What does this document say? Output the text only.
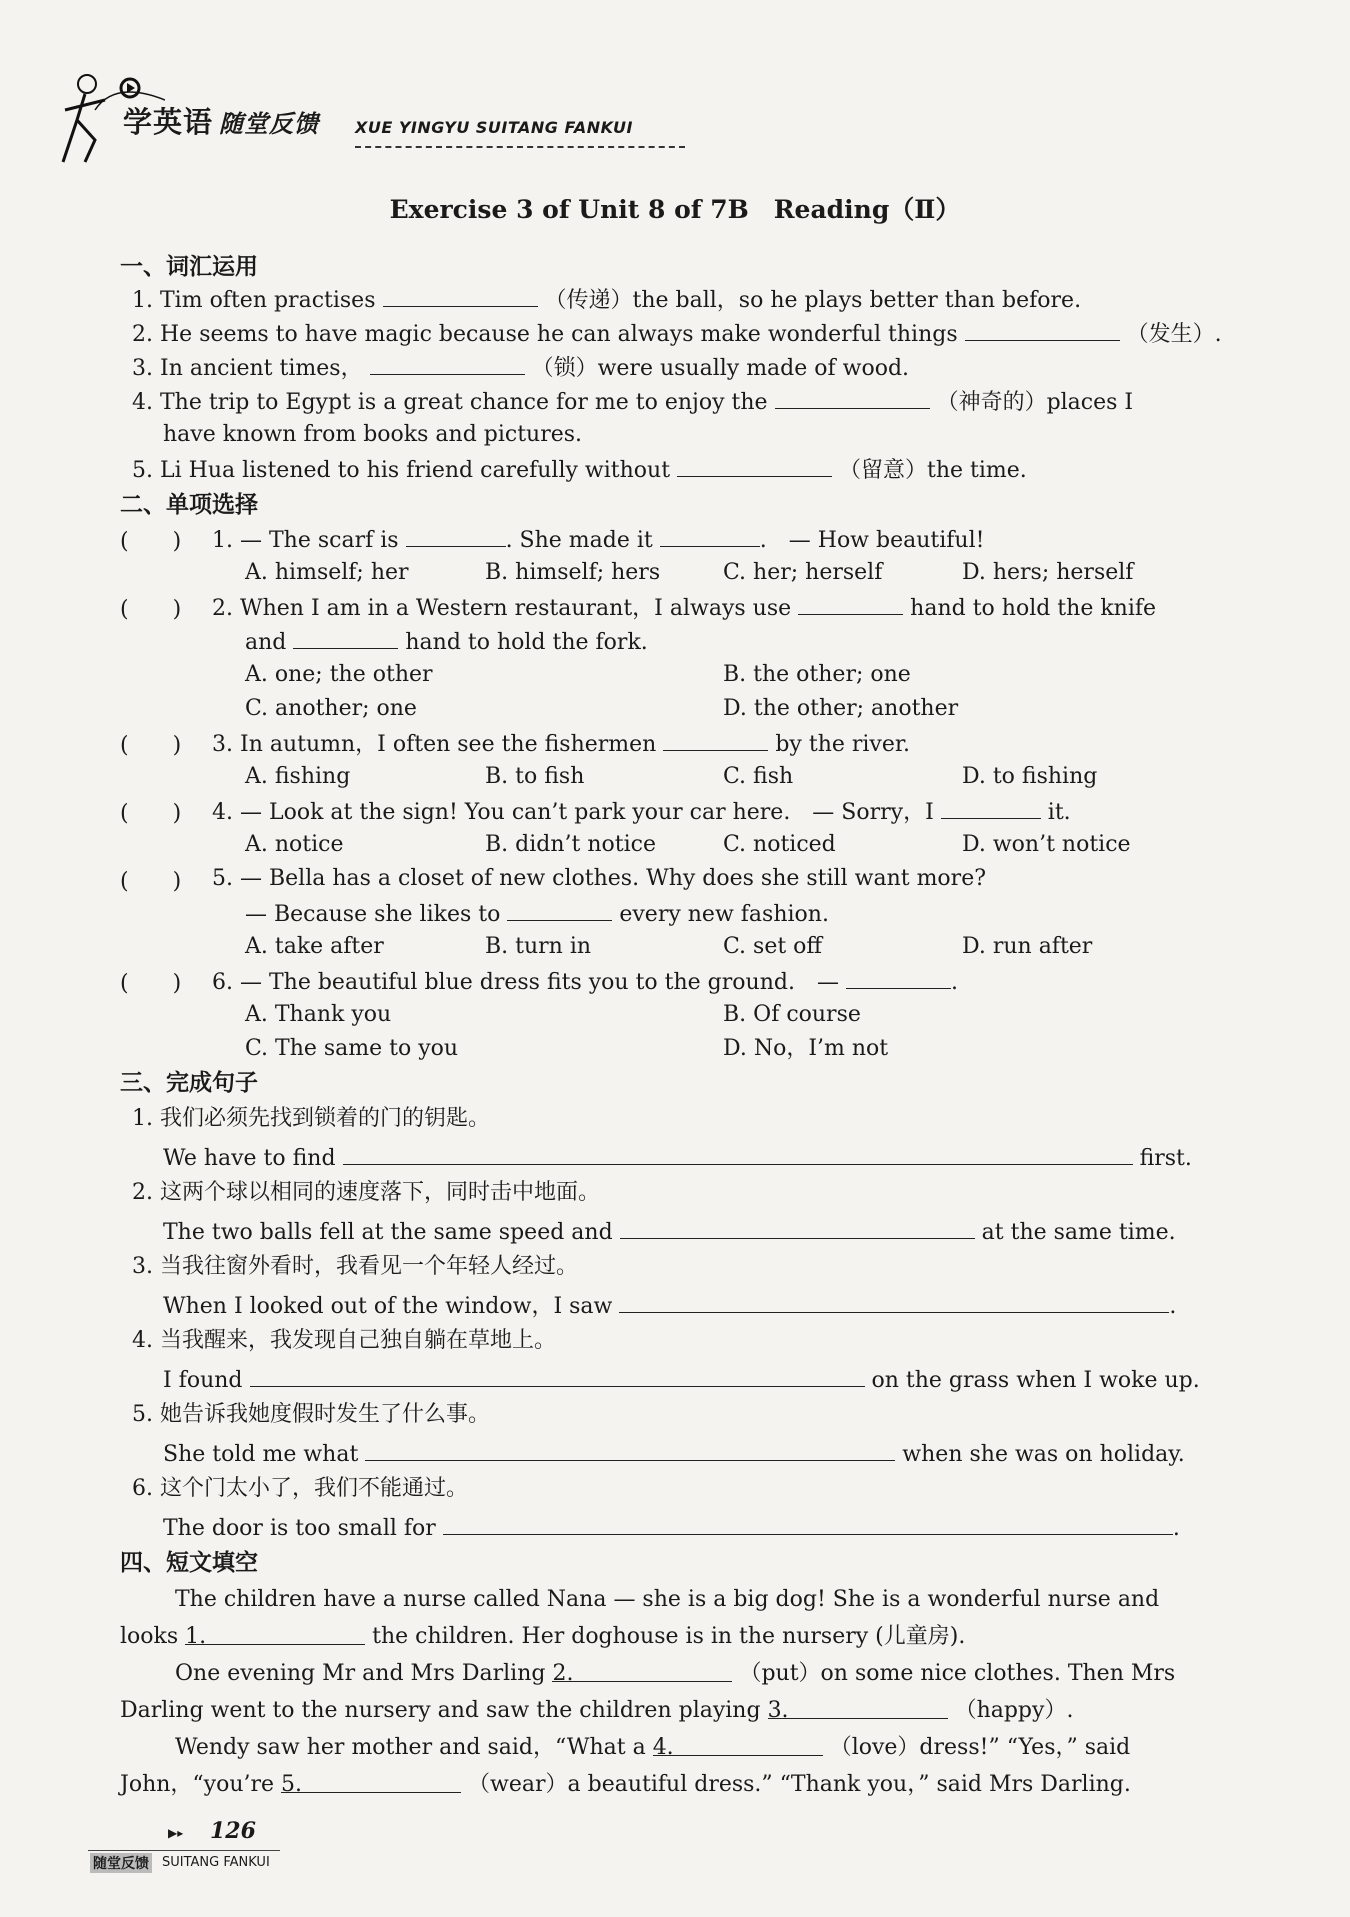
学英语 随堂反馈 XUE YINGYU SUITANG FANKUI
Exercise 3 of Unit 8 of 7B　Reading（Ⅱ）
一、词汇运用
1. Tim often practises	（传递）the ball，so he plays better than before.
2. He seems to have magic because he can always make wonderful things	（发生）.
3. In ancient times，	（锁）were usually made of wood.
4. The trip to Egypt is a great chance for me to enjoy the	（神奇的）places I
have known from books and pictures.
5. Li Hua listened to his friend carefully without	（留意）the time.
二、单项选择
(　　) 1. — The scarf is	. She made it	.　— How beautiful!
A. himself; her	B. himself; hers	C. her; herself	D. hers; herself
(　　) 2. When I am in a Western restaurant，I always use	hand to hold the knife
and	hand to hold the fork.
A. one; the other	B. the other; one
C. another; one	D. the other; another
(　　) 3. In autumn，I often see the fishermen	by the river.
A. fishing	B. to fish	C. fish	D. to fishing
(　　) 4. — Look at the sign! You can’t park your car here.　— Sorry，I	it.
A. notice	B. didn’t notice	C. noticed	D. won’t notice
(　　) 5. — Bella has a closet of new clothes. Why does she still want more?
— Because she likes to	every new fashion.
A. take after	B. turn in	C. set off	D. run after
(　　) 6. — The beautiful blue dress fits you to the ground.　—	.
A. Thank you	B. Of course
C. The same to you	D. No，I’m not
三、完成句子
1. 我们必须先找到锁着的门的钥匙。
We have to find	first.
2. 这两个球以相同的速度落下，同时击中地面。
The two balls fell at the same speed and	at the same time.
3. 当我往窗外看时，我看见一个年轻人经过。
When I looked out of the window，I saw	.
4. 当我醒来，我发现自己独自躺在草地上。
I found	on the grass when I woke up.
5. 她告诉我她度假时发生了什么事。
She told me what	when she was on holiday.
6. 这个门太小了，我们不能通过。
The door is too small for	.
四、短文填空
The children have a nurse called Nana — she is a big dog! She is a wonderful nurse and
looks 1.	the children. Her doghouse is in the nursery (儿童房).
One evening Mr and Mrs Darling 2.	（put）on some nice clothes. Then Mrs
Darling went to the nursery and saw the children playing 3.	（happy）.
Wendy saw her mother and said，“What a 4.	（love）dress!” “Yes，” said
John，“you’re 5.	（wear）a beautiful dress.” “Thank you，” said Mrs Darling.
▶▸ 126
随堂反馈 SUITANG FANKUI
